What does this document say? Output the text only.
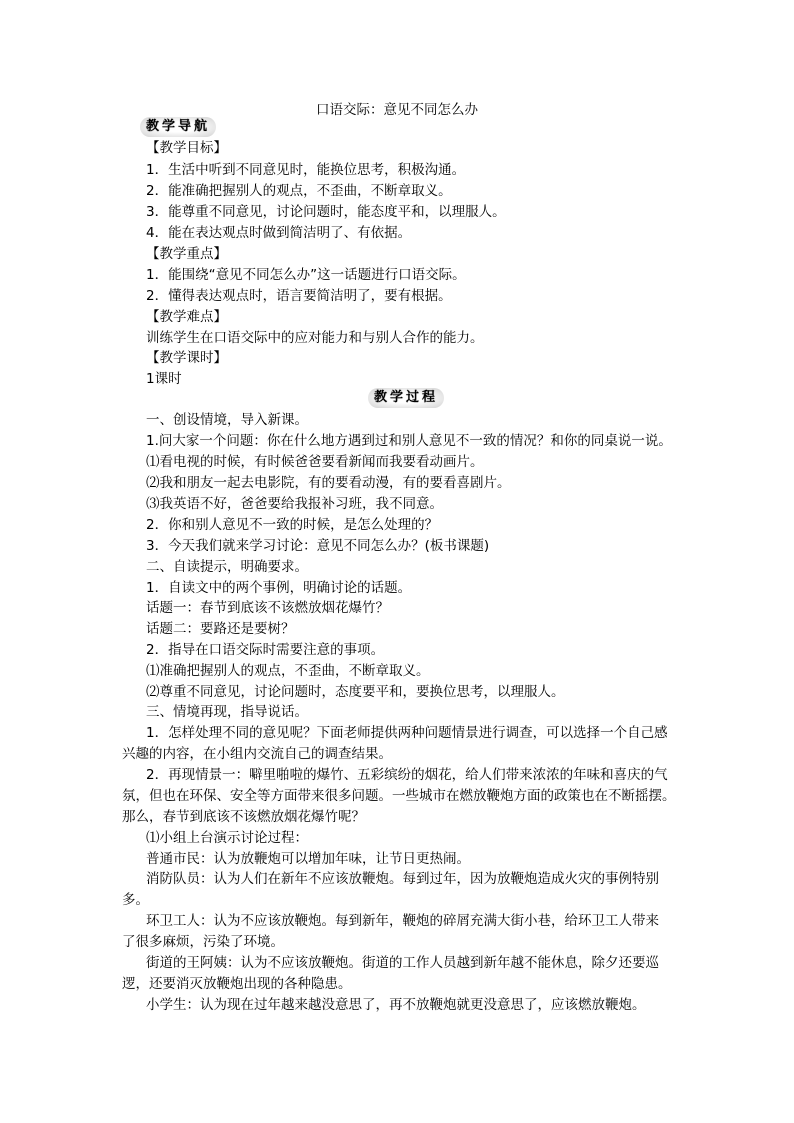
口语交际：意见不同怎么办
教学导航
【教学目标】
1．生活中听到不同意见时，能换位思考，积极沟通。
2．能准确把握别人的观点，不歪曲，不断章取义。
3．能尊重不同意见，讨论问题时，能态度平和，以理服人。
4．能在表达观点时做到简洁明了、有依据。
【教学重点】
1．能围绕“意见不同怎么办”这一话题进行口语交际。
2．懂得表达观点时，语言要简洁明了，要有根据。
【教学难点】
训练学生在口语交际中的应对能力和与别人合作的能力。
【教学课时】
1课时
教学过程
一、创设情境，导入新课。
1.问大家一个问题：你在什么地方遇到过和别人意见不一致的情况？和你的同桌说一说。
⑴看电视的时候，有时候爸爸要看新闻而我要看动画片。
⑵我和朋友一起去电影院，有的要看动漫，有的要看喜剧片。
⑶我英语不好，爸爸要给我报补习班，我不同意。
2．你和别人意见不一致的时候，是怎么处理的？
3．今天我们就来学习讨论：意见不同怎么办？(板书课题)
二、自读提示，明确要求。
1．自读文中的两个事例，明确讨论的话题。
话题一：春节到底该不该燃放烟花爆竹？
话题二：要路还是要树？
2．指导在口语交际时需要注意的事项。
⑴准确把握别人的观点，不歪曲，不断章取义。
⑵尊重不同意见，讨论问题时，态度要平和，要换位思考，以理服人。
三、情境再现，指导说话。
1．怎样处理不同的意见呢？下面老师提供两种问题情景进行调查，可以选择一个自己感
兴趣的内容，在小组内交流自己的调查结果。
2．再现情景一：噼里啪啦的爆竹、五彩缤纷的烟花，给人们带来浓浓的年味和喜庆的气
氛，但也在环保、安全等方面带来很多问题。一些城市在燃放鞭炮方面的政策也在不断摇摆。
那么，春节到底该不该燃放烟花爆竹呢？
⑴小组上台演示讨论过程：
普通市民：认为放鞭炮可以增加年味，让节日更热闹。
消防队员：认为人们在新年不应该放鞭炮。每到过年，因为放鞭炮造成火灾的事例特别
多。
环卫工人：认为不应该放鞭炮。每到新年，鞭炮的碎屑充满大街小巷，给环卫工人带来
了很多麻烦，污染了环境。
街道的王阿姨：认为不应该放鞭炮。街道的工作人员越到新年越不能休息，除夕还要巡
逻，还要消灭放鞭炮出现的各种隐患。
小学生：认为现在过年越来越没意思了，再不放鞭炮就更没意思了，应该燃放鞭炮。
